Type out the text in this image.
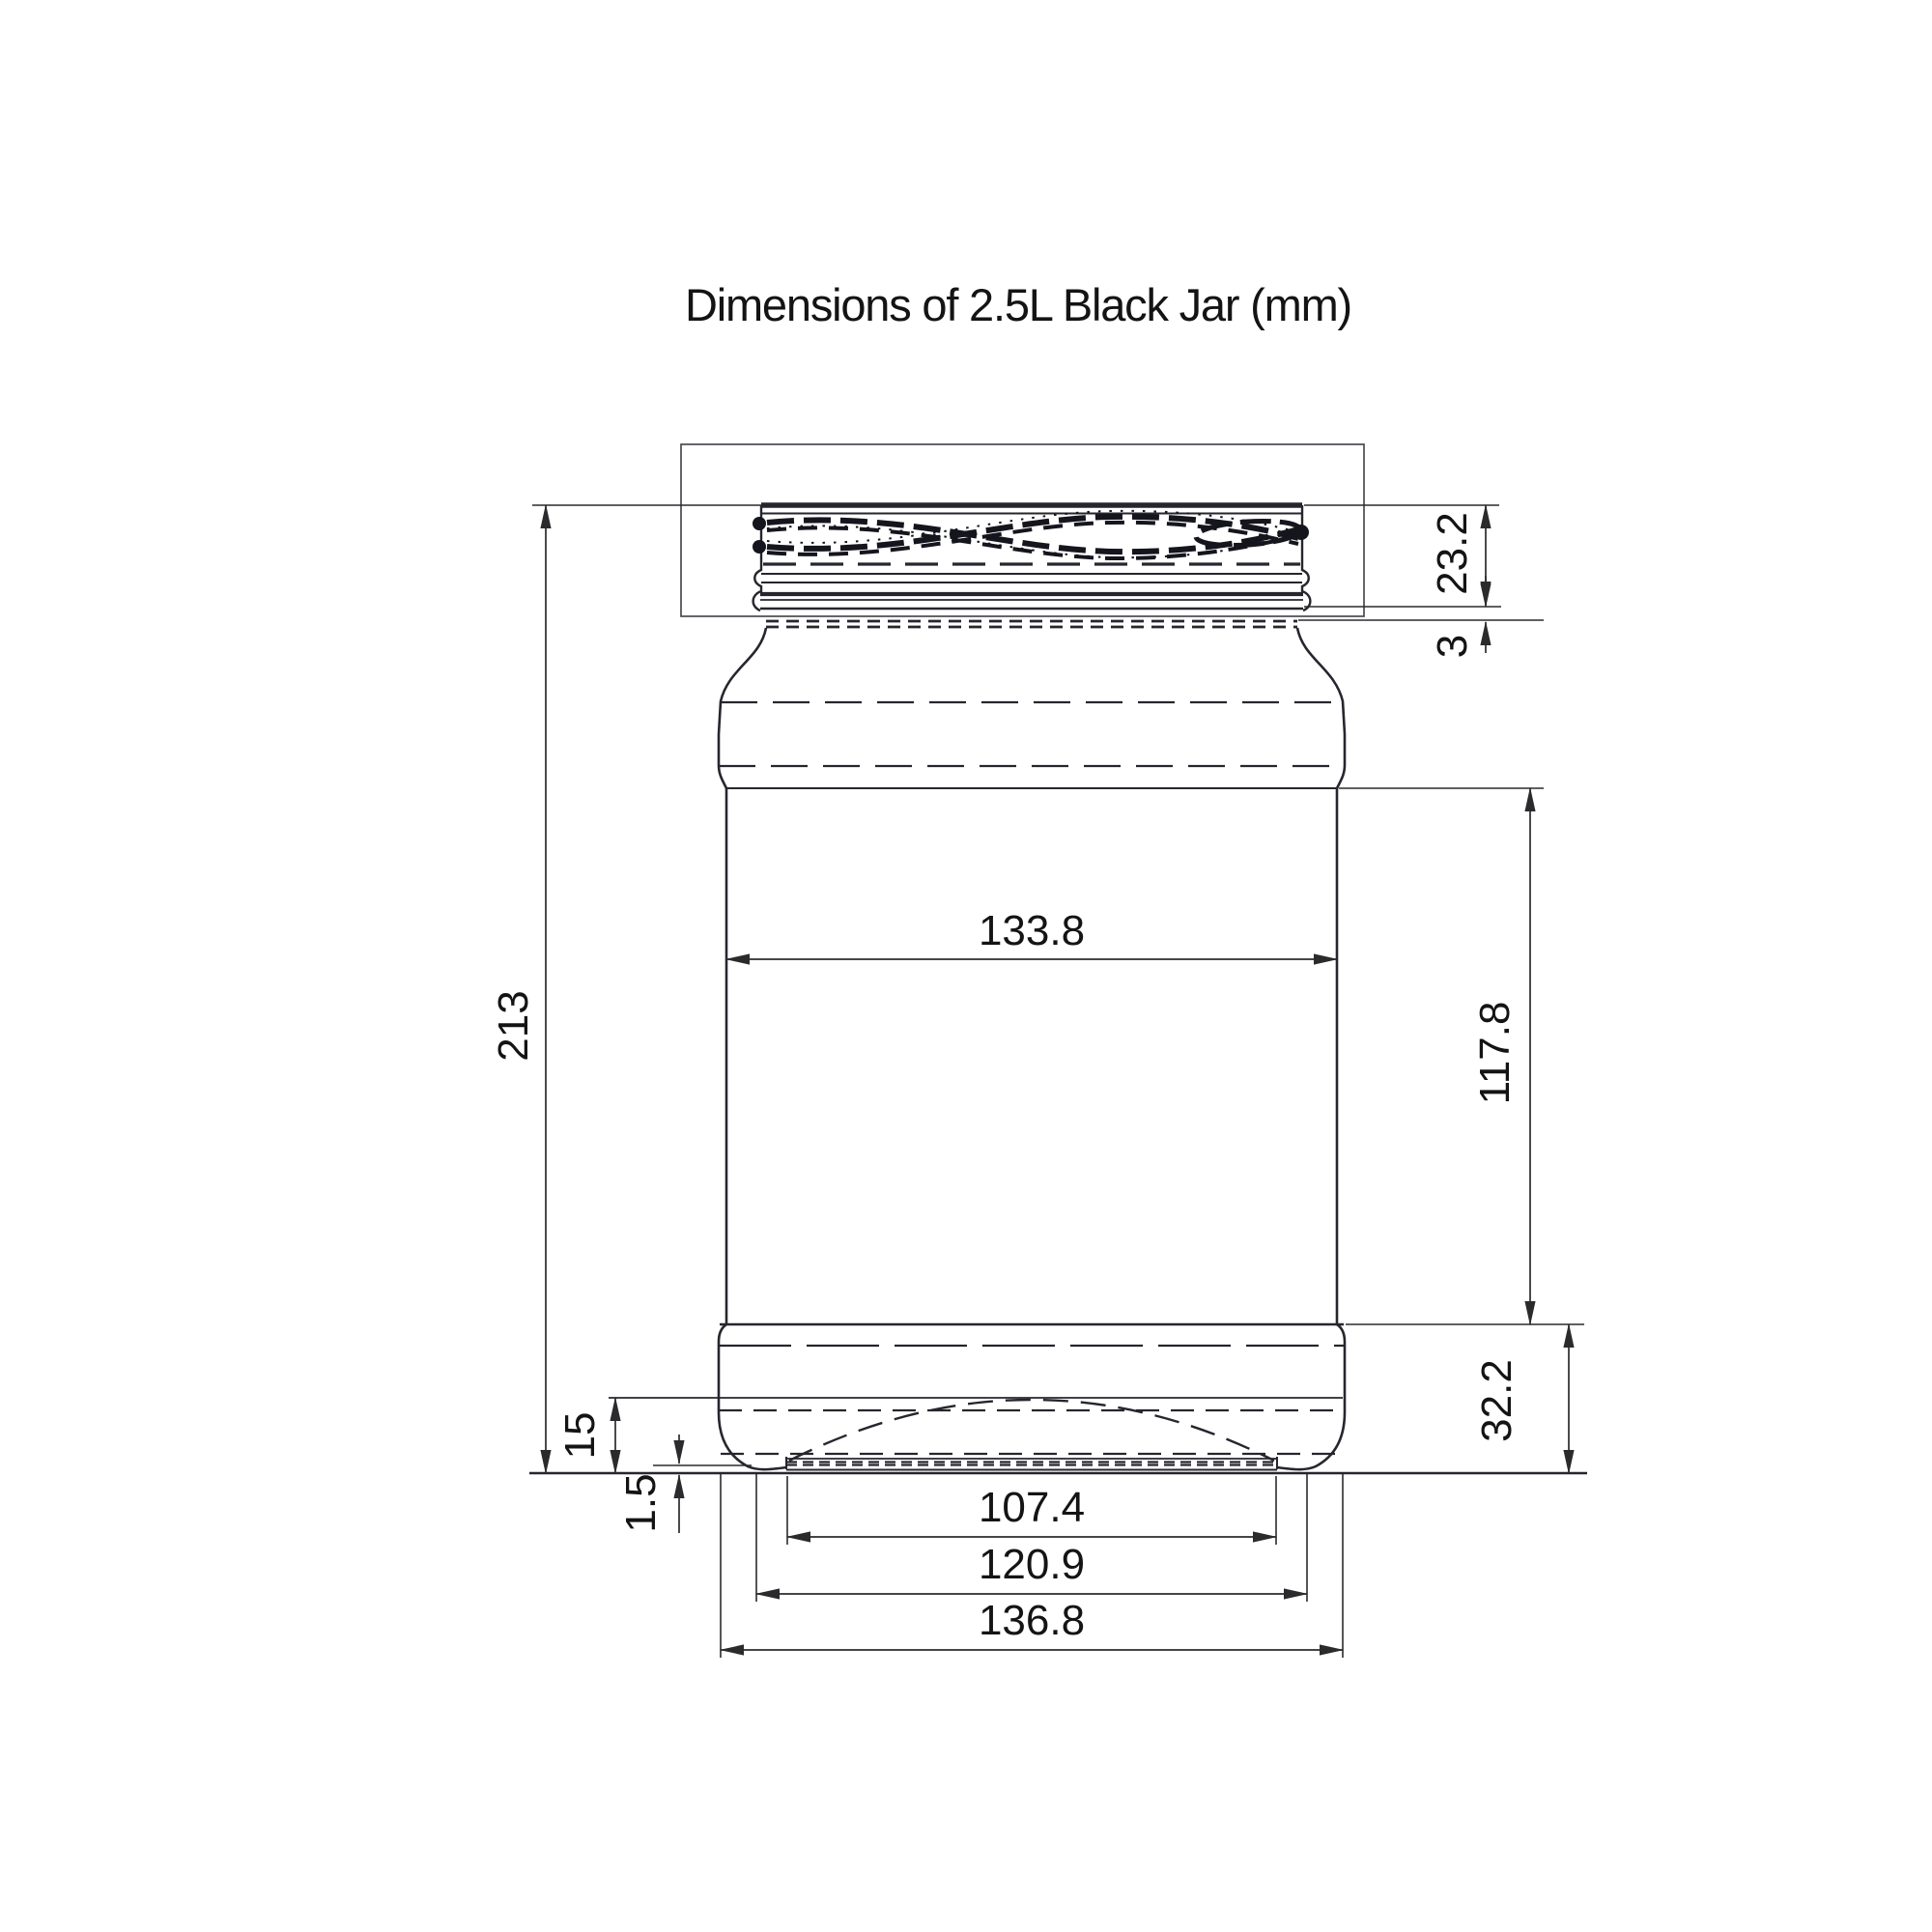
Dimensions of 2.5L Black Jar (mm)
213
23.2
3
133.8
117.8
32.2
15
1.5	107.4
120.9
136.8
